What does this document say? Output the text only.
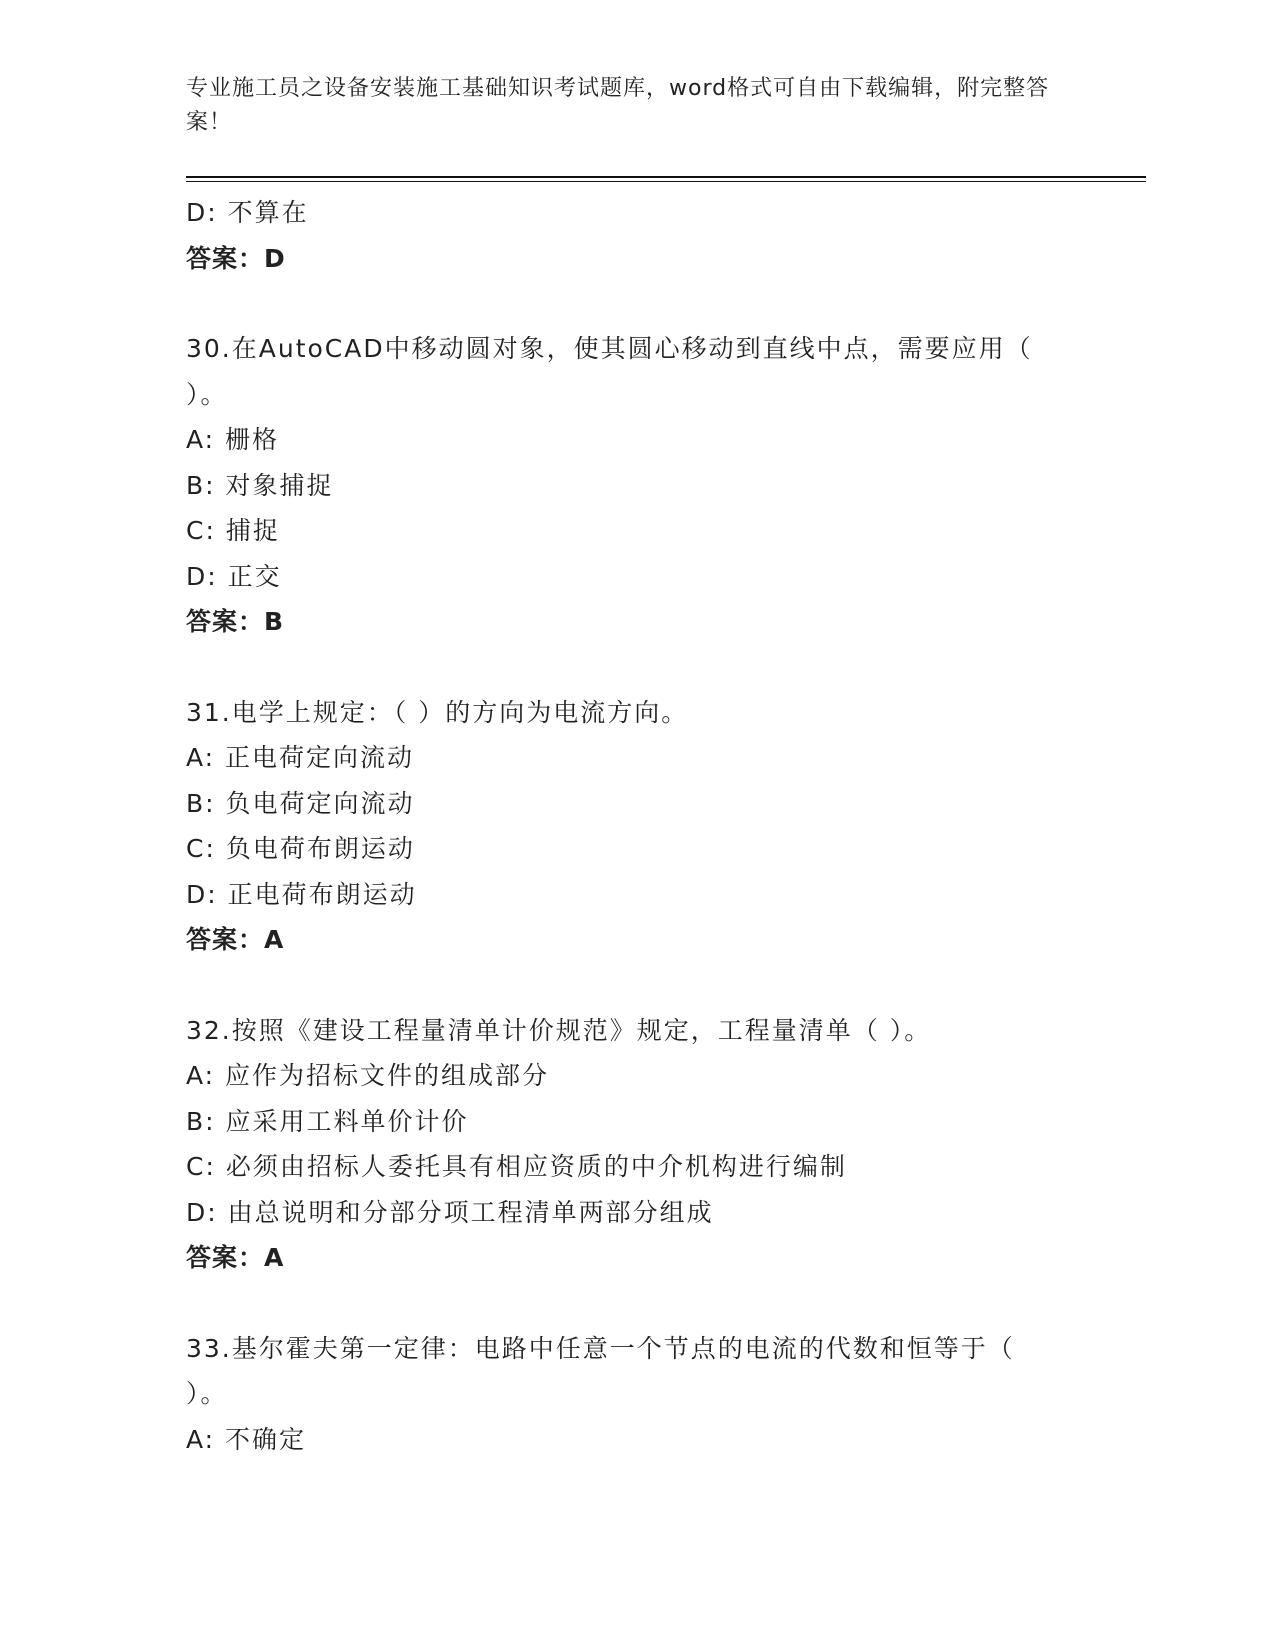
专业施工员之设备安装施工基础知识考试题库，word格式可自由下载编辑，附完整答案！
D: 不算在
答案：D
30.在AutoCAD中移动圆对象，使其圆心移动到直线中点，需要应用（ ）。
A: 栅格
B: 对象捕捉
C: 捕捉
D: 正交
答案：B
31.电学上规定：（ ）的方向为电流方向。
A: 正电荷定向流动
B: 负电荷定向流动
C: 负电荷布朗运动
D: 正电荷布朗运动
答案：A
32.按照《建设工程量清单计价规范》规定，工程量清单（ ）。
A: 应作为招标文件的组成部分
B: 应采用工料单价计价
C: 必须由招标人委托具有相应资质的中介机构进行编制
D: 由总说明和分部分项工程清单两部分组成
答案：A
33.基尔霍夫第一定律：电路中任意一个节点的电流的代数和恒等于（ ）。
A: 不确定
